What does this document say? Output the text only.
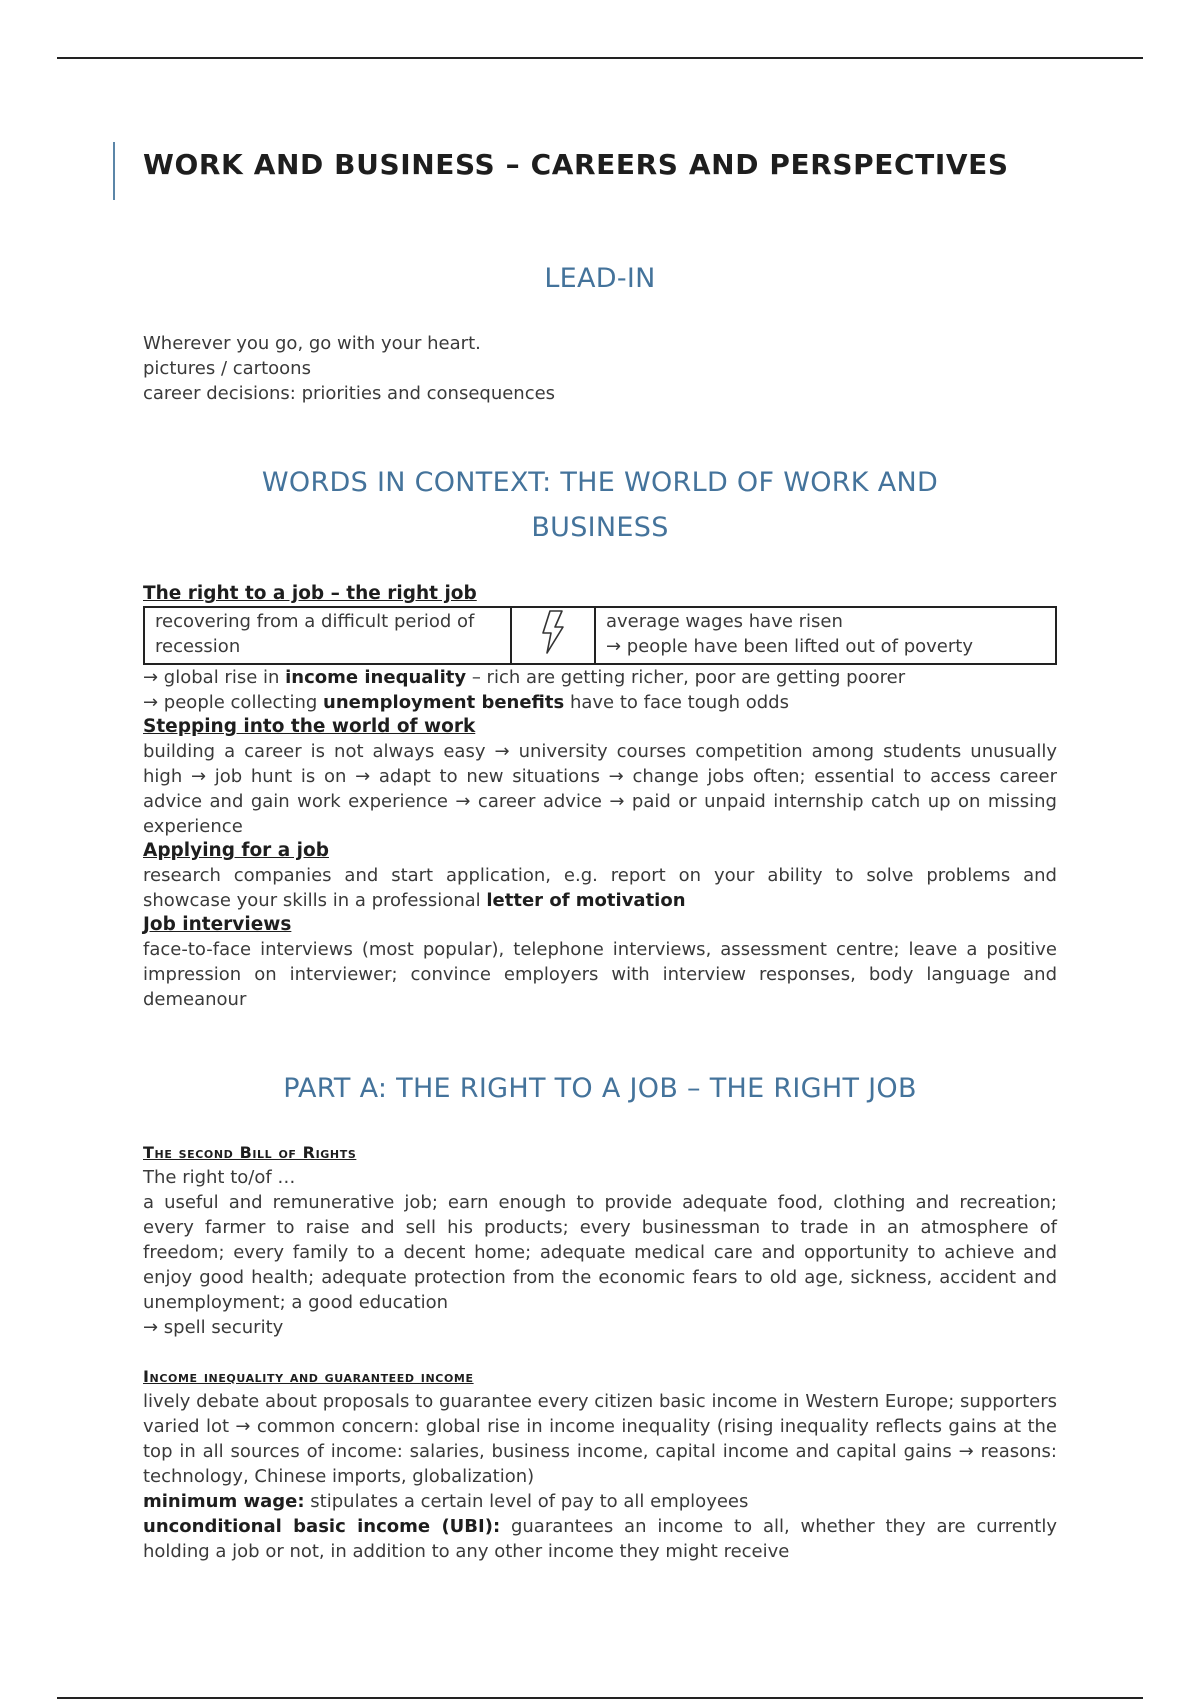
WORK AND BUSINESS – CAREERS AND PERSPECTIVES
LEAD-IN

Wherever you go, go with your heart.

pictures / cartoons

career decisions: priorities and consequences

WORDS IN CONTEXT: THE WORLD OF WORK AND
BUSINESS

The right to a job – the right job

recovering from a difficult period of recession		average wages have risen
→ people have been lifted out of poverty

→ global rise in income inequality – rich are getting richer, poor are getting poorer

→ people collecting unemployment benefits have to face tough odds

Stepping into the world of work

building a career is not always easy → university courses competition among students unusually high → job hunt is on → adapt to new situations → change jobs often; essential to access career advice and gain work experience → career advice → paid or unpaid internship catch up on missing experience

Applying for a job

research companies and start application, e.g. report on your ability to solve problems and showcase your skills in a professional letter of motivation

Job interviews

face-to-face interviews (most popular), telephone interviews, assessment centre; leave a positive impression on interviewer; convince employers with interview responses, body language and demeanour

PART A: THE RIGHT TO A JOB – THE RIGHT JOB

The second Bill of Rights

The right to/of …

a useful and remunerative job; earn enough to provide adequate food, clothing and recreation; every farmer to raise and sell his products; every businessman to trade in an atmosphere of freedom; every family to a decent home; adequate medical care and opportunity to achieve and enjoy good health; adequate protection from the economic fears to old age, sickness, accident and unemployment; a good education

→ spell security

Income inequality and guaranteed income

lively debate about proposals to guarantee every citizen basic income in Western Europe; supporters varied lot → common concern: global rise in income inequality (rising inequality reflects gains at the top in all sources of income: salaries, business income, capital income and capital gains → reasons: technology, Chinese imports, globalization)

minimum wage: stipulates a certain level of pay to all employees

unconditional basic income (UBI): guarantees an income to all, whether they are currently holding a job or not, in addition to any other income they might receive
